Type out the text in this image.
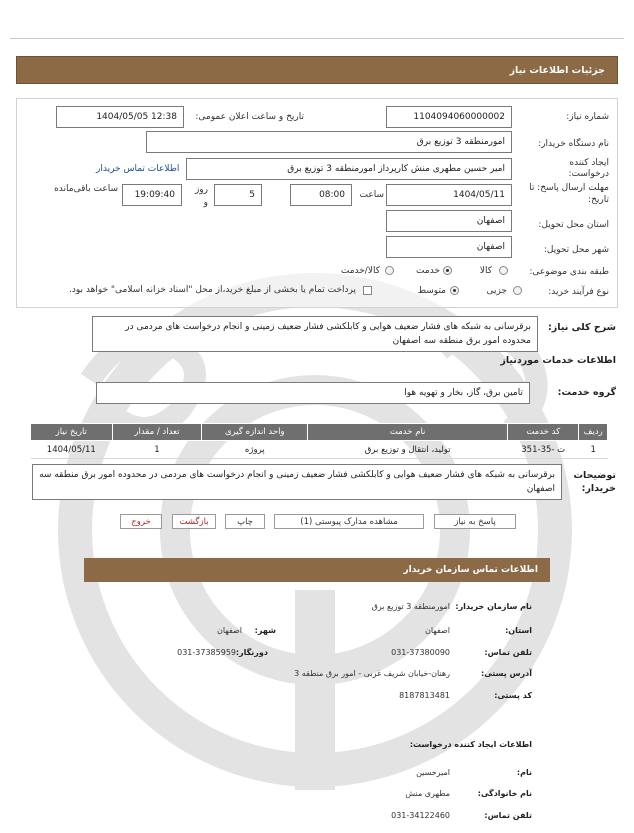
جزئیات اطلاعات نیاز
شماره نیاز:
1104094060000002
تاریخ و ساعت اعلان عمومی:
1404/05/05 12:38
نام دستگاه خریدار:
امورمنطقه 3 توزیع برق
ایجاد کننده
درخواست:
امیر حسین مطهری منش کارپرداز امورمنطقه 3 توزیع برق
اطلاعات تماس خریدار
مهلت ارسال پاسخ: تا
تاریخ:
1404/05/11
ساعت
08:00
5
روز
و
19:09:40
ساعت باقی‌مانده
استان محل تحویل:
اصفهان
شهر محل تحویل:
اصفهان
طبقه بندی موضوعی:
کالا
خدمت
کالا/خدمت
نوع فرآیند خرید:
جزیی
متوسط
پرداخت تمام یا بخشی از مبلغ خرید،از محل "اسناد خزانه اسلامی" خواهد بود.
شرح کلی نیاز:
برقرسانی به شبکه های فشار ضعیف هوایی و کابلکشی فشار ضعیف زمینی و انجام درخواست های مردمی در محدوده امور برق منطقه سه اصفهان
اطلاعات خدمات موردنیاز
گروه خدمت:
تامین برق، گاز، بخار و تهویه هوا
ردیف	کد خدمت	نام خدمت	واحد اندازه گیری	تعداد / مقدار	تاریخ نیاز
1	ت -35-351	تولید، انتقال و توزیع برق	پروژه	1	1404/05/11
توضیحات
خریدار:
برقرسانی به شبکه های فشار ضعیف هوایی و کابلکشی فشار ضعیف زمینی و انجام درخواست های مردمی در محدوده امور برق منطقه سه اصفهان
پاسخ به نیاز
مشاهده مدارک پیوستی (1)
چاپ
بازگشت
خروج
اطلاعات تماس سازمان خریدار
نام سازمان خریدار:
امورمنطقه 3 توزیع برق
استان:
اصفهان
شهر:
اصفهان
تلفن تماس:
031-37380090
دورنگار:
031-37385959
آدرس پستی:
رهنان-خیابان شریف غربی - امور برق منطقه 3
کد پستی:
8187813481
اطلاعات ایجاد کننده درخواست:
نام:
امیرحسین
نام خانوادگی:
مطهری منش
تلفن تماس:
031-34122460
